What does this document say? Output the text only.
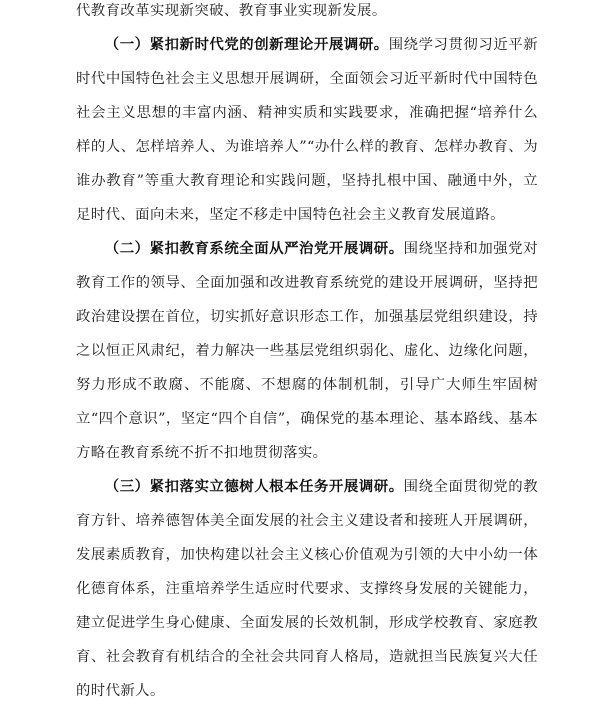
代教育改革实现新突破、教育事业实现新发展。

（一）紧扣新时代党的创新理论开展调研。围绕学习贯彻习近平新时代中国特色社会主义思想开展调研，全面领会习近平新时代中国特色社会主义思想的丰富内涵、精神实质和实践要求，准确把握“培养什么样的人、怎样培养人、为谁培养人”“办什么样的教育、怎样办教育、为谁办教育”等重大教育理论和实践问题，坚持扎根中国、融通中外，立足时代、面向未来，坚定不移走中国特色社会主义教育发展道路。

（二）紧扣教育系统全面从严治党开展调研。围绕坚持和加强党对教育工作的领导、全面加强和改进教育系统党的建设开展调研，坚持把政治建设摆在首位，切实抓好意识形态工作，加强基层党组织建设，持之以恒正风肃纪，着力解决一些基层党组织弱化、虚化、边缘化问题，努力形成不敢腐、不能腐、不想腐的体制机制，引导广大师生牢固树立“四个意识”，坚定“四个自信”，确保党的基本理论、基本路线、基本方略在教育系统不折不扣地贯彻落实。

（三）紧扣落实立德树人根本任务开展调研。围绕全面贯彻党的教育方针、培养德智体美全面发展的社会主义建设者和接班人开展调研，发展素质教育，加快构建以社会主义核心价值观为引领的大中小幼一体化德育体系，注重培养学生适应时代要求、支撑终身发展的关键能力，建立促进学生身心健康、全面发展的长效机制，形成学校教育、家庭教育、社会教育有机结合的全社会共同育人格局，造就担当民族复兴大任的时代新人。
